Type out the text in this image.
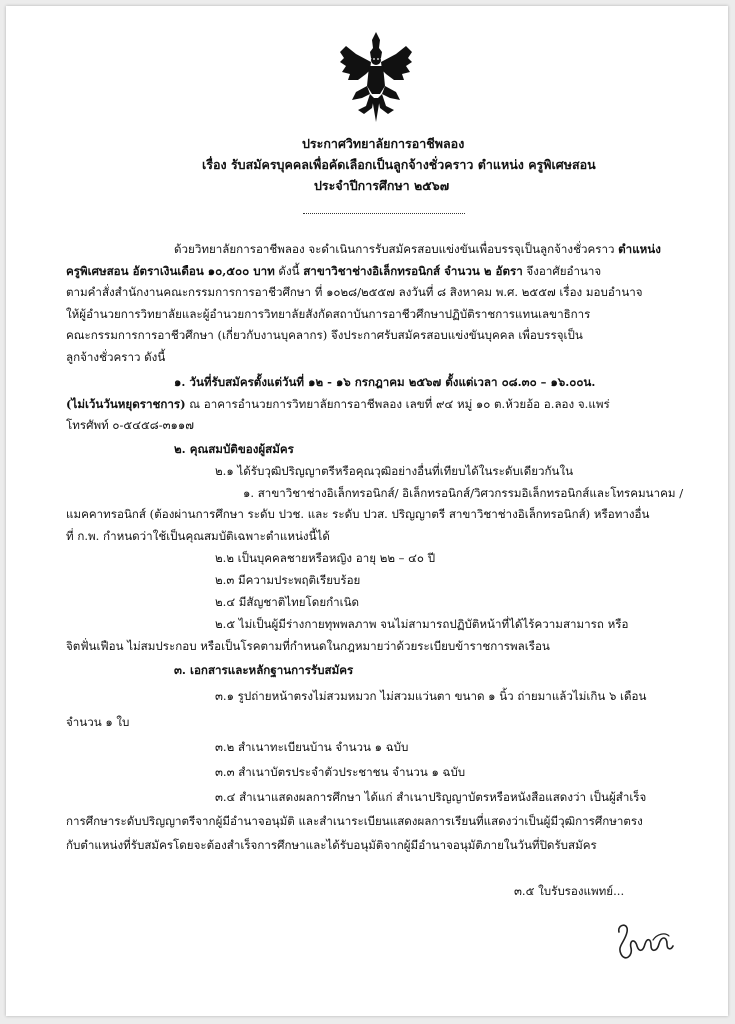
ประกาศวิทยาลัยการอาชีพลอง
เรื่อง รับสมัครบุคคลเพื่อคัดเลือกเป็นลูกจ้างชั่วคราว ตำแหน่ง ครูพิเศษสอน
ประจำปีการศึกษา ๒๕๖๗
ด้วยวิทยาลัยการอาชีพลอง จะดำเนินการรับสมัครสอบแข่งขันเพื่อบรรจุเป็นลูกจ้างชั่วคราว ตำแหน่ง
ครูพิเศษสอน อัตราเงินเดือน ๑๐,๕๐๐ บาท ดังนี้ สาขาวิชาช่างอิเล็กทรอนิกส์ จำนวน ๒ อัตรา จึงอาศัยอำนาจ
ตามคำสั่งสำนักงานคณะกรรมการการอาชีวศึกษา ที่ ๑๐๒๘/๒๕๕๗ ลงวันที่ ๘ สิงหาคม พ.ศ. ๒๕๕๗ เรื่อง มอบอำนาจ
ให้ผู้อำนวยการวิทยาลัยและผู้อำนวยการวิทยาลัยสังกัดสถาบันการอาชีวศึกษาปฏิบัติราชการแทนเลขาธิการ
คณะกรรมการการอาชีวศึกษา (เกี่ยวกับงานบุคลากร) จึงประกาศรับสมัครสอบแข่งขันบุคคล เพื่อบรรจุเป็น
ลูกจ้างชั่วคราว ดังนี้
๑. วันที่รับสมัครตั้งแต่วันที่ ๑๒ - ๑๖ กรกฎาคม ๒๕๖๗ ตั้งแต่เวลา ๐๘.๓๐ – ๑๖.๐๐น.
(ไม่เว้นวันหยุดราชการ) ณ อาคารอำนวยการวิทยาลัยการอาชีพลอง เลขที่ ๙๔ หมู่ ๑๐ ต.ห้วยอ้อ อ.ลอง จ.แพร่
โทรศัพท์ ๐-๕๔๕๘-๓๑๑๗
๒. คุณสมบัติของผู้สมัคร
๒.๑ ได้รับวุฒิปริญญาตรีหรือคุณวุฒิอย่างอื่นที่เทียบได้ในระดับเดียวกันใน
๑. สาขาวิชาช่างอิเล็กทรอนิกส์/ อิเล็กทรอนิกส์/วิศวกรรมอิเล็กทรอนิกส์และโทรคมนาคม /
แมคคาทรอนิกส์ (ต้องผ่านการศึกษา ระดับ ปวช. และ ระดับ ปวส. ปริญญาตรี สาขาวิชาช่างอิเล็กทรอนิกส์) หรือทางอื่น
ที่ ก.พ. กำหนดว่าใช้เป็นคุณสมบัติเฉพาะตำแหน่งนี้ได้
๒.๒ เป็นบุคคลชายหรือหญิง อายุ ๒๒ – ๔๐ ปี
๒.๓ มีความประพฤติเรียบร้อย
๒.๔ มีสัญชาติไทยโดยกำเนิด
๒.๕ ไม่เป็นผู้มีร่างกายทุพพลภาพ จนไม่สามารถปฏิบัติหน้าที่ได้ไร้ความสามารถ หรือ
จิตฟั่นเฟือน ไม่สมประกอบ หรือเป็นโรคตามที่กำหนดในกฎหมายว่าด้วยระเบียบข้าราชการพลเรือน
๓. เอกสารและหลักฐานการรับสมัคร
๓.๑ รูปถ่ายหน้าตรงไม่สวมหมวก ไม่สวมแว่นตา ขนาด ๑ นิ้ว ถ่ายมาแล้วไม่เกิน ๖ เดือน
จำนวน ๑ ใบ
๓.๒ สำเนาทะเบียนบ้าน จำนวน ๑ ฉบับ
๓.๓ สำเนาบัตรประจำตัวประชาชน จำนวน ๑ ฉบับ
๓.๔ สำเนาแสดงผลการศึกษา ได้แก่ สำเนาปริญญาบัตรหรือหนังสือแสดงว่า เป็นผู้สำเร็จ
การศึกษาระดับปริญญาตรีจากผู้มีอำนาจอนุมัติ และสำเนาระเบียนแสดงผลการเรียนที่แสดงว่าเป็นผู้มีวุฒิการศึกษาตรง
กับตำแหน่งที่รับสมัครโดยจะต้องสำเร็จการศึกษาและได้รับอนุมัติจากผู้มีอำนาจอนุมัติภายในวันที่ปิดรับสมัคร
๓.๕ ใบรับรองแพทย์...
